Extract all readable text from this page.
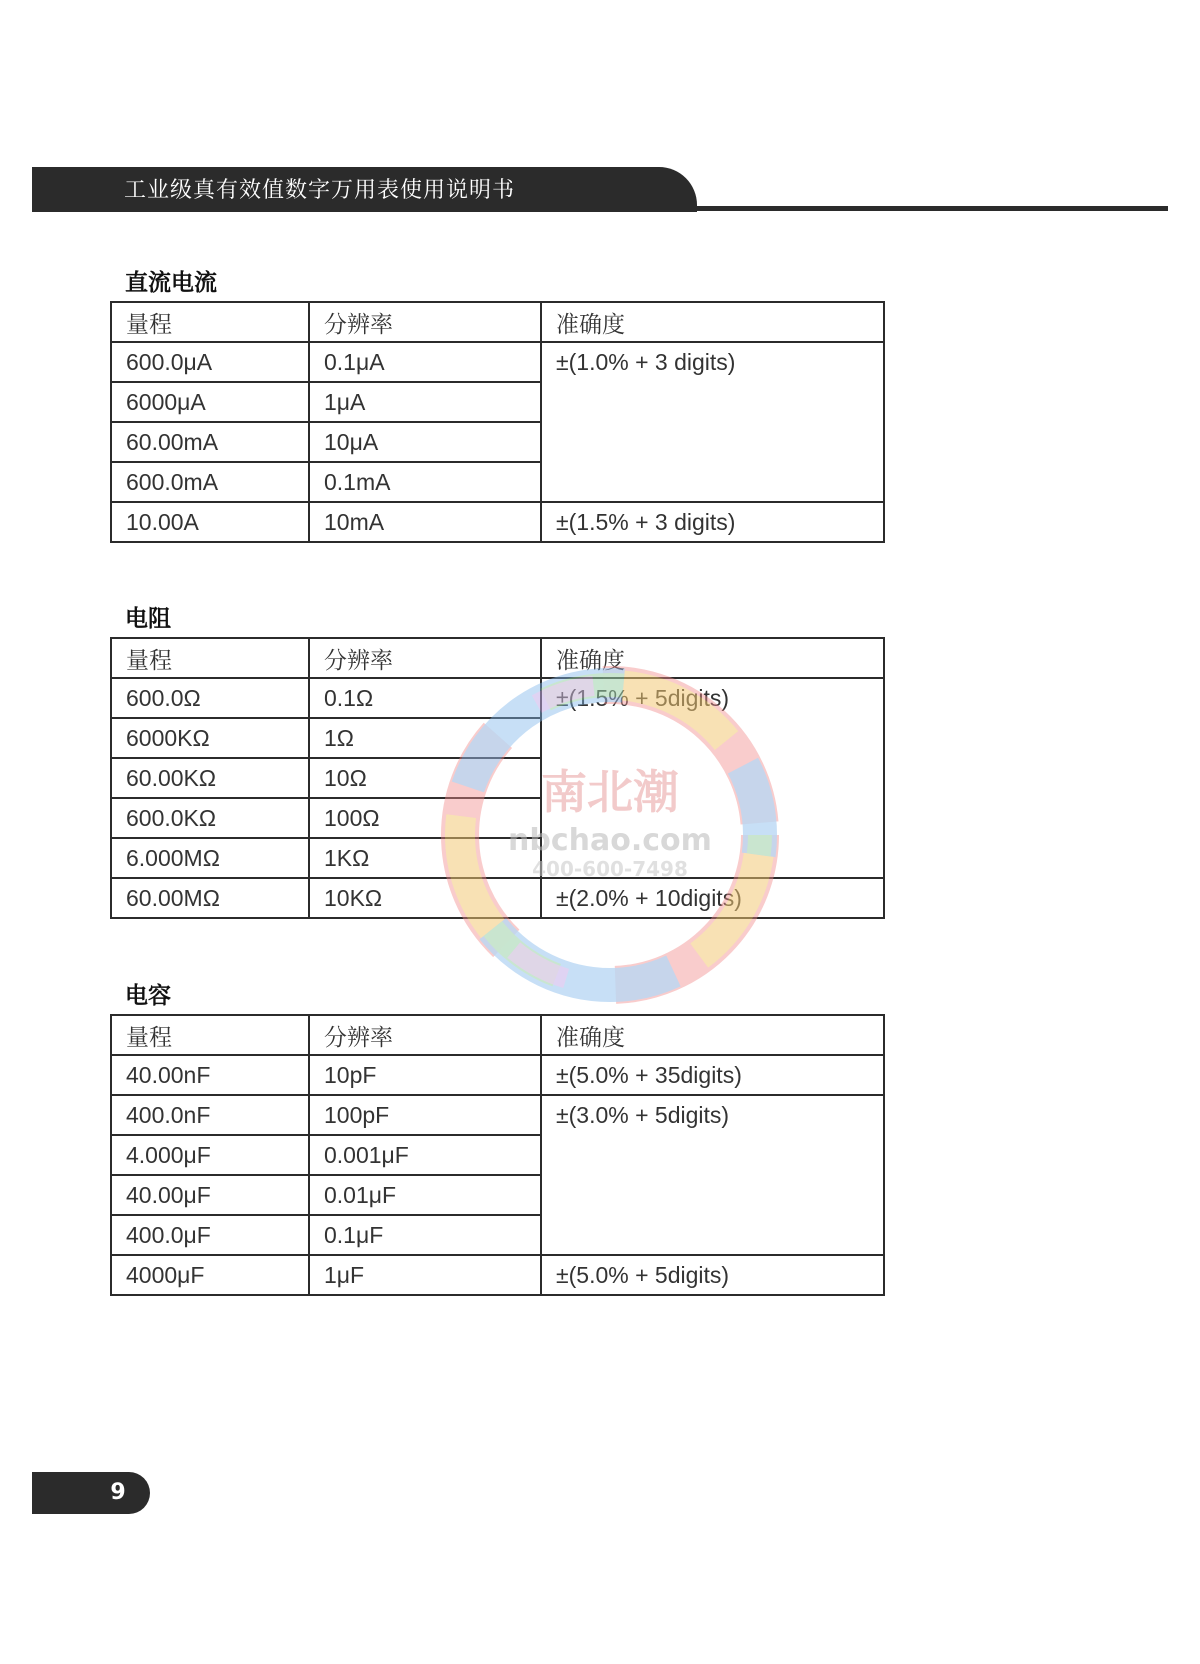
工业级真有效值数字万用表使用说明书
直流电流
量程	分辨率	准确度
600.0μA	0.1μA	±(1.0% + 3 digits)
6000μA	1μA	
60.00mA	10μA	
600.0mA	0.1mA	
10.00A	10mA	±(1.5% + 3 digits)
电阻
量程	分辨率	准确度
600.0Ω	0.1Ω	±(1.5% + 5digits)
6000KΩ	1Ω	
60.00KΩ	10Ω	
600.0KΩ	100Ω	
6.000MΩ	1KΩ	
60.00MΩ	10KΩ	±(2.0% + 10digits)
电容
量程	分辨率	准确度
40.00nF	10pF	±(5.0% + 35digits)
400.0nF	100pF	±(3.0% + 5digits)
4.000μF	0.001μF	
40.00μF	0.01μF	
400.0μF	0.1μF	
4000μF	1μF	±(5.0% + 5digits)
南北潮
nbchao.com
400-600-7498
9
